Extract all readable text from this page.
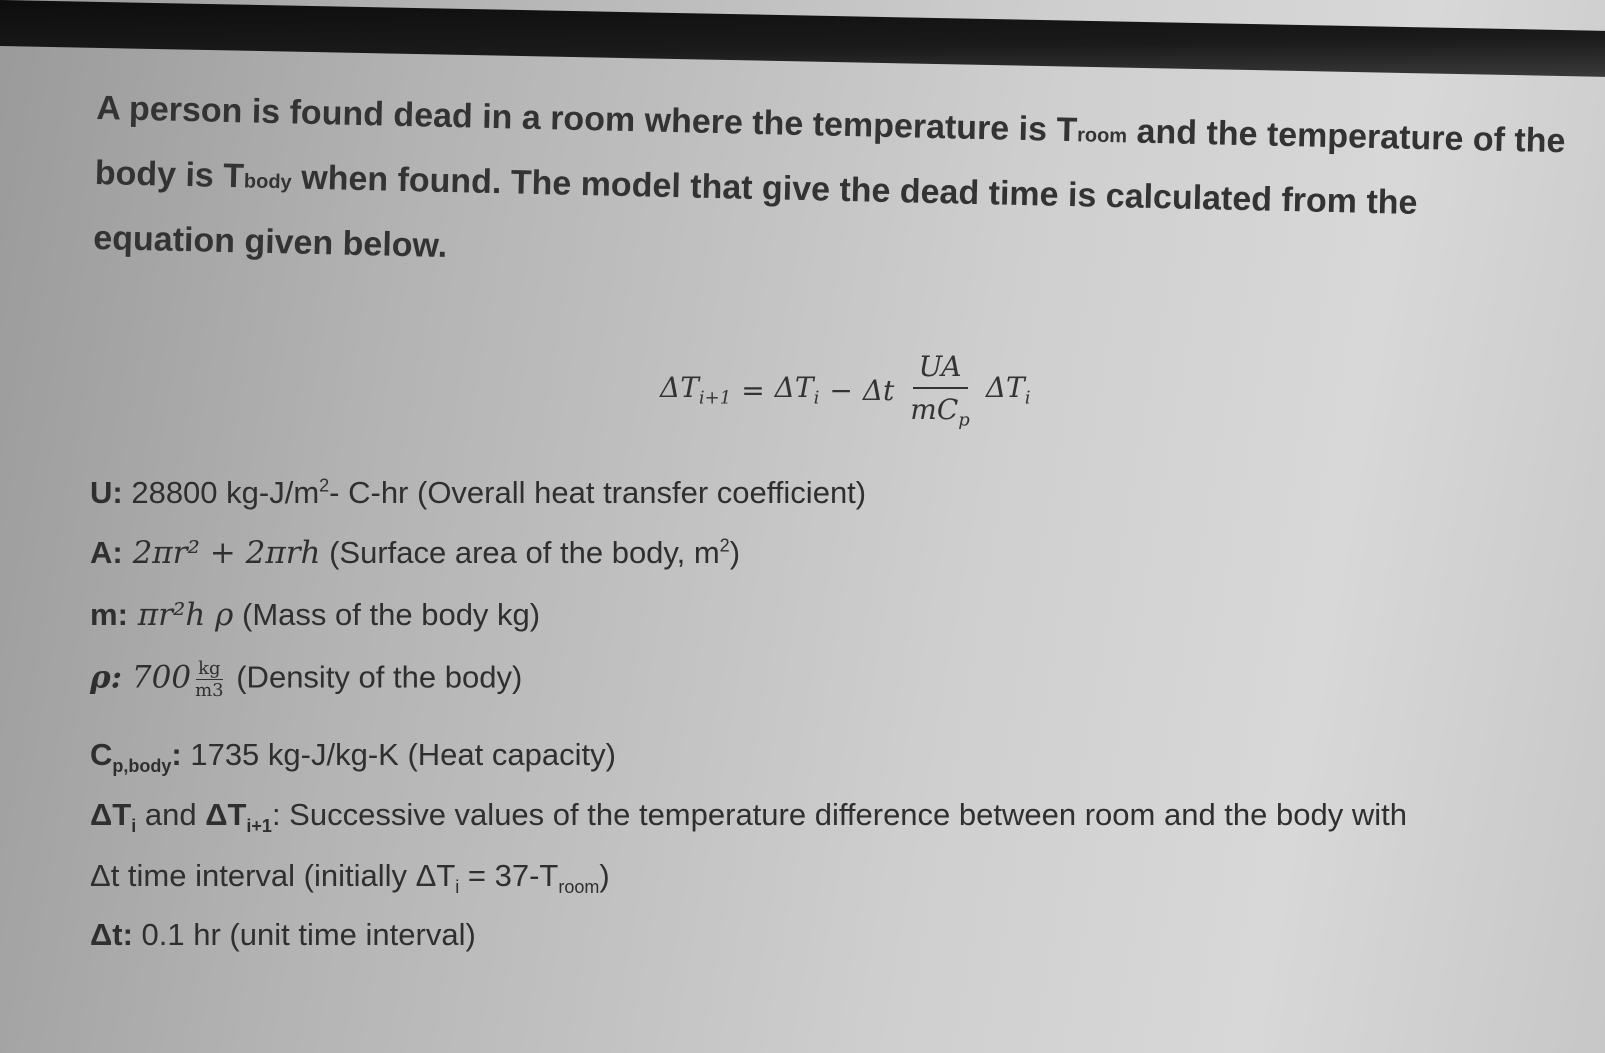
A person is found dead in a room where the temperature is Troom and the temperature of the body is Tbody when found. The model that give the dead time is calculated from the equation given below.
$\Delta T_{i+1} = \Delta T_i - \Delta t \frac{UA}{mC_p} \Delta T_i$
U: 28800 $kg-J/m^2-$ C-hr (Overall heat transfer coefficient)
A: 2πr² + 2πrh (Surface area of the body, $m^2$)
m: πr²h ρ (Mass of the body kg)
ρ: $700 \frac{kg}{m3}$ (Density of the body)
$C_{p,body}$: 1735 kg-J/kg-K (Heat capacity)
$\Delta T_i$ and $\Delta T_{i+1}$: Successive values of the temperature difference between room and the body with
Δt time interval (initially $\Delta T_i = 37-T_{room}$)
Δt: 0.1 hr (unit time interval)
